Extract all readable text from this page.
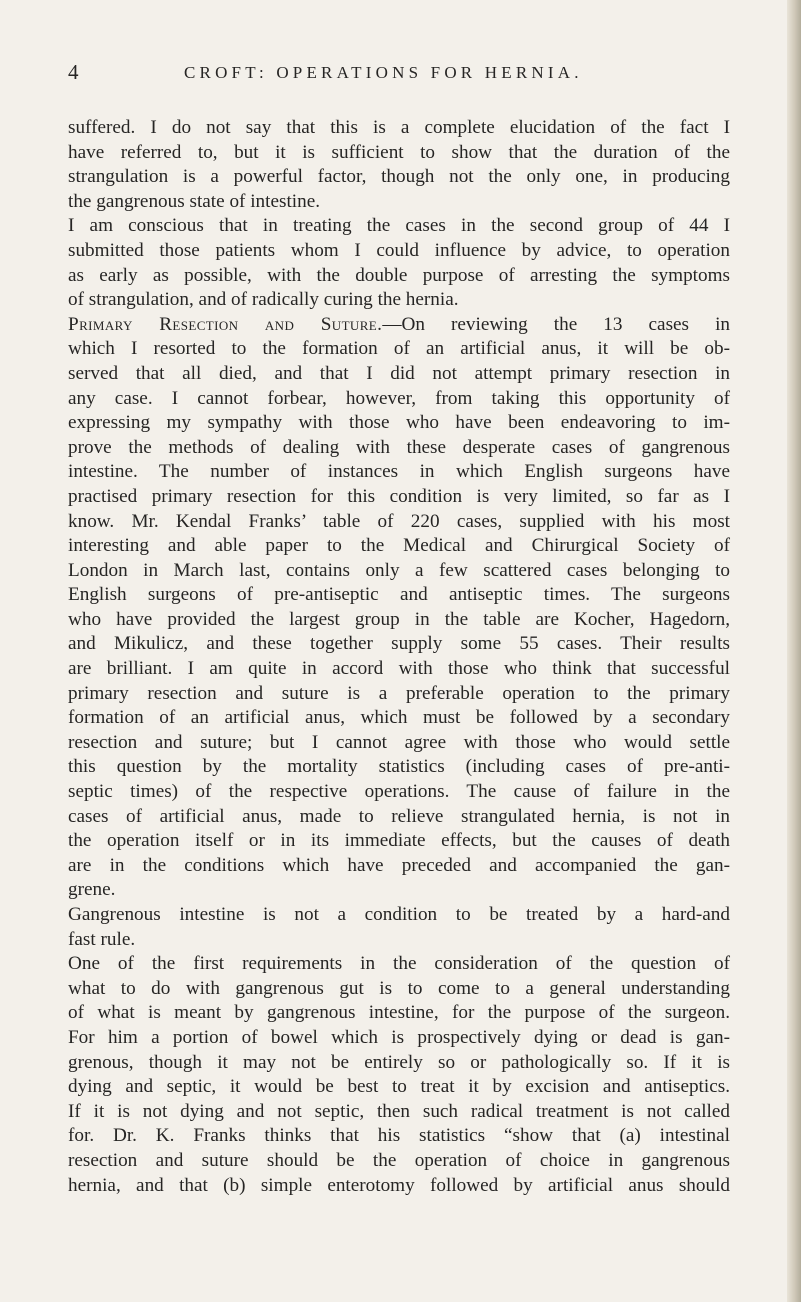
4	CROFT: OPERATIONS FOR HERNIA.
suffered. I do not say that this is a complete elucidation of the fact I
have referred to, but it is sufficient to show that the duration of the
strangulation is a powerful factor, though not the only one, in producing
the gangrenous state of intestine.
I am conscious that in treating the cases in the second group of 44 I
submitted those patients whom I could influence by advice, to operation
as early as possible, with the double purpose of arresting the symptoms
of strangulation, and of radically curing the hernia.
Primary Resection and Suture.—On reviewing the 13 cases in
which I resorted to the formation of an artificial anus, it will be ob-
served that all died, and that I did not attempt primary resection in
any case. I cannot forbear, however, from taking this opportunity of
expressing my sympathy with those who have been endeavoring to im-
prove the methods of dealing with these desperate cases of gangrenous
intestine. The number of instances in which English surgeons have
practised primary resection for this condition is very limited, so far as I
know. Mr. Kendal Franks’ table of 220 cases, supplied with his most
interesting and able paper to the Medical and Chirurgical Society of
London in March last, contains only a few scattered cases belonging to
English surgeons of pre-antiseptic and antiseptic times. The surgeons
who have provided the largest group in the table are Kocher, Hagedorn,
and Mikulicz, and these together supply some 55 cases. Their results
are brilliant. I am quite in accord with those who think that successful
primary resection and suture is a preferable operation to the primary
formation of an artificial anus, which must be followed by a secondary
resection and suture; but I cannot agree with those who would settle
this question by the mortality statistics (including cases of pre-anti-
septic times) of the respective operations. The cause of failure in the
cases of artificial anus, made to relieve strangulated hernia, is not in
the operation itself or in its immediate effects, but the causes of death
are in the conditions which have preceded and accompanied the gan-
grene.
Gangrenous intestine is not a condition to be treated by a hard-and
fast rule.
One of the first requirements in the consideration of the question of
what to do with gangrenous gut is to come to a general understanding
of what is meant by gangrenous intestine, for the purpose of the surgeon.
For him a portion of bowel which is prospectively dying or dead is gan-
grenous, though it may not be entirely so or pathologically so. If it is
dying and septic, it would be best to treat it by excision and antiseptics.
If it is not dying and not septic, then such radical treatment is not called
for. Dr. K. Franks thinks that his statistics “show that (a) intestinal
resection and suture should be the operation of choice in gangrenous
hernia, and that (b) simple enterotomy followed by artificial anus should
